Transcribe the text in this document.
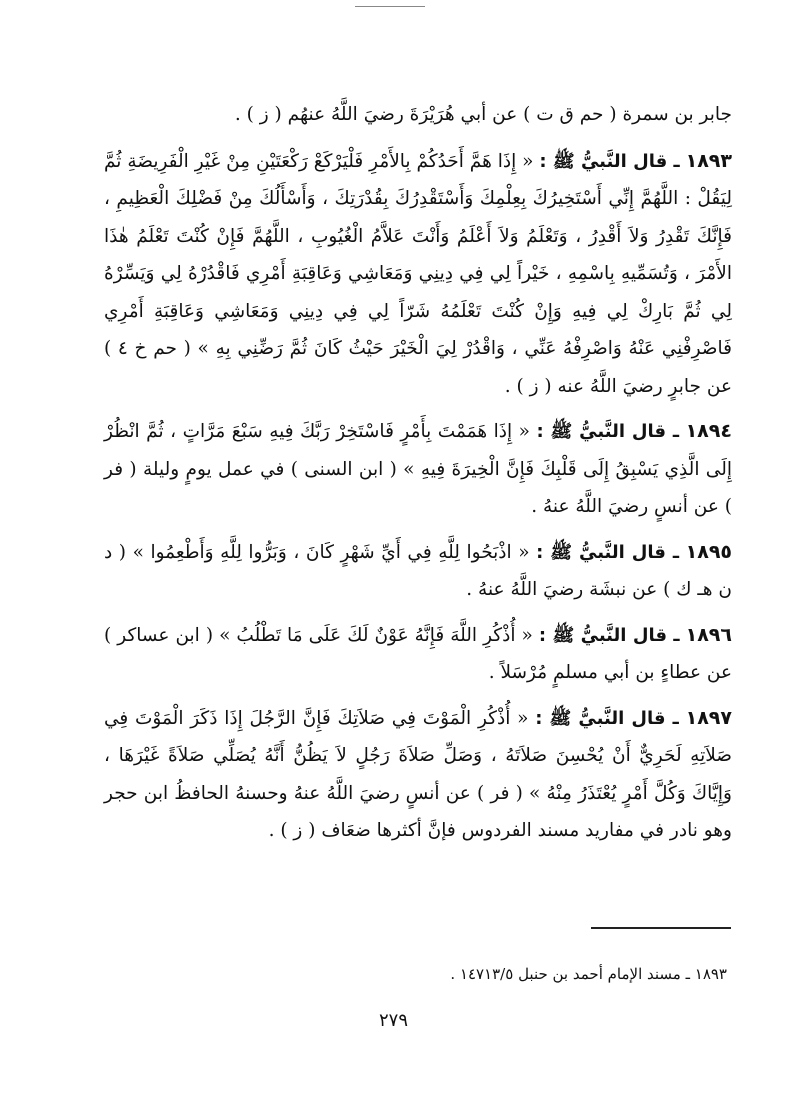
جابر بن سمرة ( حم ق ت ) عن أبي هُرَيْرَةَ رضيَ اللَّهُ عنهُم ( ز ) .

١٨٩٣ ـ قال النَّبيُّ ﷺ : « إِذَا هَمَّ أَحَدُكُمْ بِالأَمْرِ فَلْيَرْكَعْ رَكْعَتَيْنِ مِنْ غَيْرِ الْفَرِيضَةِ ثُمَّ لِيَقُلْ : اللَّهُمَّ إِنِّي أَسْتَخِيرُكَ بِعِلْمِكَ وَأَسْتَقْدِرُكَ بِقُدْرَتِكَ ، وَأَسْأَلُكَ مِنْ فَضْلِكَ الْعَظِيمِ ، فَإِنَّكَ تَقْدِرُ وَلاَ أَقْدِرُ ، وَتَعْلَمُ وَلاَ أَعْلَمُ وَأَنْتَ عَلاَّمُ الْغُيُوبِ ، اللَّهُمَّ فَإِنْ كُنْتَ تَعْلَمُ هٰذَا الأَمْرَ ، وَتُسَمِّيهِ بِاسْمِهِ ، خَيْراً لِي فِي دِينِي وَمَعَاشِي وَعَاقِبَةِ أَمْرِي فَاقْدُرْهُ لِي وَيَسِّرْهُ لِي ثُمَّ بَارِكْ لِي فِيهِ وَإِنْ كُنْتَ تَعْلَمُهُ شَرّاً لِي فِي دِينِي وَمَعَاشِي وَعَاقِبَةِ أَمْرِي فَاصْرِفْنِي عَنْهُ وَاصْرِفْهُ عَنِّي ، وَاقْدُرْ لِيَ الْخَيْرَ حَيْثُ كَانَ ثُمَّ رَضِّنِي بِهِ » ( حم خ ٤ ) عن جابرٍ رضيَ اللَّهُ عنه ( ز ) .

١٨٩٤ ـ قال النَّبيُّ ﷺ : « إِذَا هَمَمْتَ بِأَمْرٍ فَاسْتَخِرْ رَبَّكَ فِيهِ سَبْعَ مَرَّاتٍ ، ثُمَّ انْظُرْ إِلَى الَّذِي يَسْبِقُ إِلَى قَلْبِكَ فَإِنَّ الْخِيرَةَ فِيهِ » ( ابن السنى ) في عمل يومٍ وليلة ( فر ) عن أنسٍ رضيَ اللَّهُ عنهُ .

١٨٩٥ ـ قال النَّبيُّ ﷺ : « اذْبَحُوا لِلَّهِ فِي أَيِّ شَهْرٍ كَانَ ، وَبَرُّوا لِلَّهِ وَأَطْعِمُوا » ( د ن هـ ك ) عن نبشَة رضيَ اللَّهُ عنهُ .

١٨٩٦ ـ قال النَّبيُّ ﷺ : « أُذْكُرِ اللَّهَ فَإِنَّهُ عَوْنٌ لَكَ عَلَى مَا تَطْلُبُ » ( ابن عساكر ) عن عطاءٍ بن أبي مسلمٍ مُرْسَلاً .

١٨٩٧ ـ قال النَّبيُّ ﷺ : « أُذْكُرِ الْمَوْتَ فِي صَلاَتِكَ فَإِنَّ الرَّجُلَ إِذَا ذَكَرَ الْمَوْتَ فِي صَلاَتِهِ لَحَرِيٌّ أَنْ يُحْسِنَ صَلاَتَهُ ، وَصَلِّ صَلاَةَ رَجُلٍ لاَ يَظُنُّ أَنَّهُ يُصَلِّي صَلاَةً غَيْرَهَا ، وَإِيَّاكَ وَكُلَّ أَمْرٍ يُعْتَذَرُ مِنْهُ » ( فر ) عن أنسٍ رضيَ اللَّهُ عنهُ وحسنهُ الحافظُ ابن حجر وهو نادر في مفاريد مسند الفردوس فإنَّ أكثرها ضعَاف ( ز ) .

١٨٩٣ ـ مسند الإمام أحمد بن حنبل ١٤٧١٣/٥ .

٢٧٩
